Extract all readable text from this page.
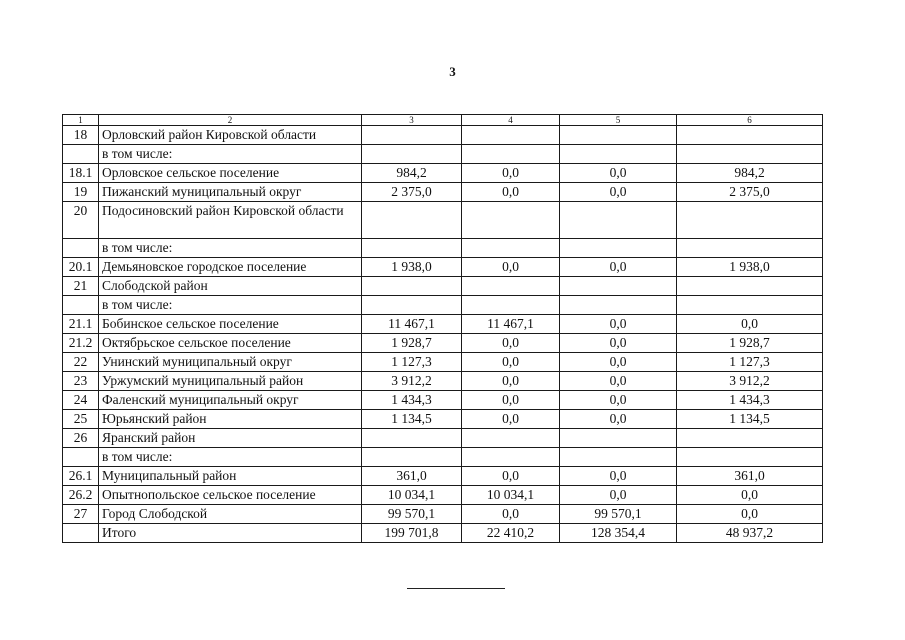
3
1	2	3	4	5	6
18	Орловский район Кировской области				
	в том числе:				
18.1	Орловское сельское поселение	984,2	0,0	0,0	984,2
19	Пижанский муниципальный округ	2 375,0	0,0	0,0	2 375,0
20	Подосиновский район Кировской области				
	в том числе:				
20.1	Демьяновское городское поселение	1 938,0	0,0	0,0	1 938,0
21	Слободской район				
	в том числе:				
21.1	Бобинское сельское поселение	11 467,1	11 467,1	0,0	0,0
21.2	Октябрьское сельское поселение	1 928,7	0,0	0,0	1 928,7
22	Унинский муниципальный округ	1 127,3	0,0	0,0	1 127,3
23	Уржумский муниципальный район	3 912,2	0,0	0,0	3 912,2
24	Фаленский муниципальный округ	1 434,3	0,0	0,0	1 434,3
25	Юрьянский район	1 134,5	0,0	0,0	1 134,5
26	Яранский район				
	в том числе:				
26.1	Муниципальный район	361,0	0,0	0,0	361,0
26.2	Опытнопольское сельское поселение	10 034,1	10 034,1	0,0	0,0
27	Город Слободской	99 570,1	0,0	99 570,1	0,0
	Итого	199 701,8	22 410,2	128 354,4	48 937,2
